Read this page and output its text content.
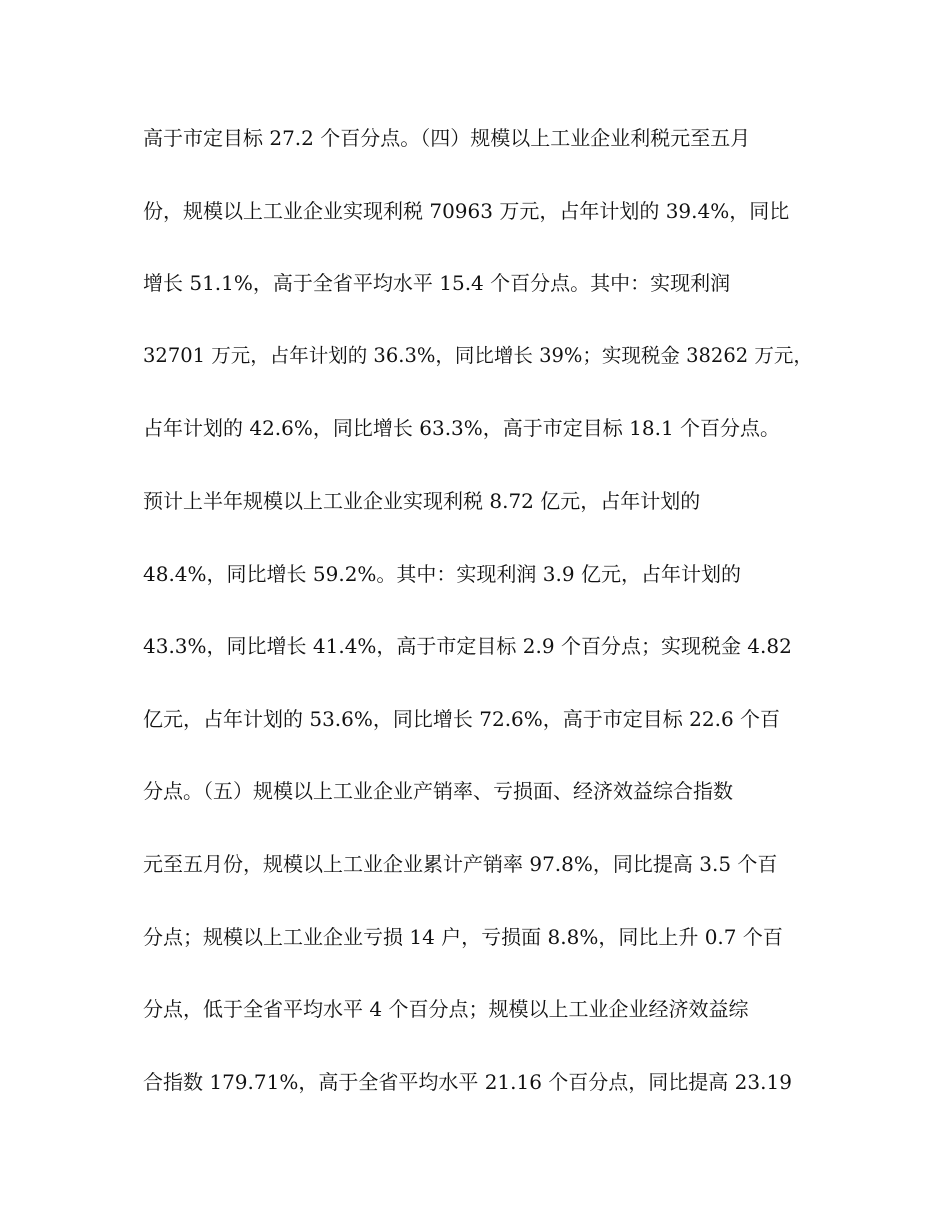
高于市定目标 27.2 个百分点。（四）规模以上工业企业利税元至五月
份，规模以上工业企业实现利税 70963 万元，占年计划的 39.4%，同比
增长 51.1%，高于全省平均水平 15.4 个百分点。其中：实现利润
32701 万元，占年计划的 36.3%，同比增长 39%；实现税金 38262 万元，
占年计划的 42.6%，同比增长 63.3%，高于市定目标 18.1 个百分点。
预计上半年规模以上工业企业实现利税 8.72 亿元，占年计划的
48.4%，同比增长 59.2%。其中：实现利润 3.9 亿元，占年计划的
43.3%，同比增长 41.4%，高于市定目标 2.9 个百分点；实现税金 4.82
亿元，占年计划的 53.6%，同比增长 72.6%，高于市定目标 22.6 个百
分点。（五）规模以上工业企业产销率、亏损面、经济效益综合指数
元至五月份，规模以上工业企业累计产销率 97.8%，同比提高 3.5 个百
分点；规模以上工业企业亏损 14 户，亏损面 8.8%，同比上升 0.7 个百
分点，低于全省平均水平 4 个百分点；规模以上工业企业经济效益综
合指数 179.71%，高于全省平均水平 21.16 个百分点，同比提高 23.19
